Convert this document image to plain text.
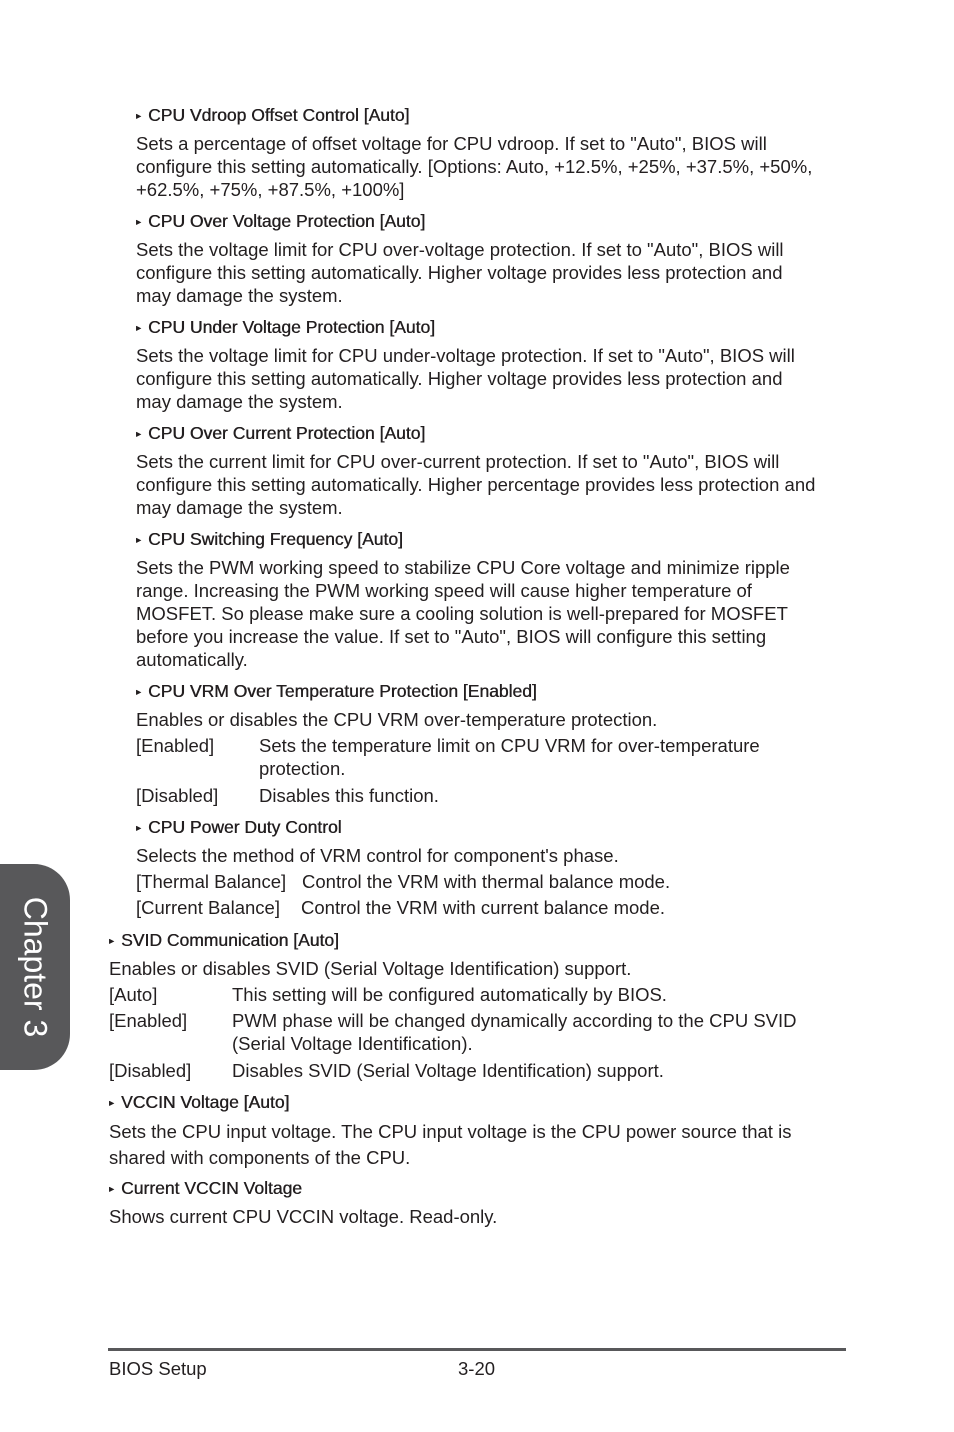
▸ CPU Vdroop Offset Control [Auto]
Sets a percentage of offset voltage for CPU vdroop. If set to "Auto", BIOS will
configure this setting automatically. [Options: Auto, +12.5%, +25%, +37.5%, +50%,
+62.5%, +75%, +87.5%, +100%]
▸ CPU Over Voltage Protection [Auto]
Sets the voltage limit for CPU over-voltage protection. If set to "Auto", BIOS will
configure this setting automatically. Higher voltage provides less protection and
may damage the system.
▸ CPU Under Voltage Protection [Auto]
Sets the voltage limit for CPU under-voltage protection. If set to "Auto", BIOS will
configure this setting automatically. Higher voltage provides less protection and
may damage the system.
▸ CPU Over Current Protection [Auto]
Sets the current limit for CPU over-current protection. If set to "Auto", BIOS will
configure this setting automatically. Higher percentage provides less protection and
may damage the system.
▸ CPU Switching Frequency [Auto]
Sets the PWM working speed to stabilize CPU Core voltage and minimize ripple
range. Increasing the PWM working speed will cause higher temperature of
MOSFET. So please make sure a cooling solution is well-prepared for MOSFET
before you increase the value. If set to "Auto", BIOS will configure this setting
automatically.
▸ CPU VRM Over Temperature Protection [Enabled]
Enables or disables the CPU VRM over-temperature protection.
[Enabled] Sets the temperature limit on CPU VRM for over-temperature
protection.
[Disabled] Disables this function.
▸ CPU Power Duty Control
Selects the method of VRM control for component's phase.
[Thermal Balance] Control the VRM with thermal balance mode.
[Current Balance] Control the VRM with current balance mode.
▸ SVID Communication [Auto]
Enables or disables SVID (Serial Voltage Identification) support.
[Auto]	This setting will be configured automatically by BIOS.
[Enabled] PWM phase will be changed dynamically according to the CPU SVID
(Serial Voltage Identification).
[Disabled] Disables SVID (Serial Voltage Identification) support.
▸ VCCIN Voltage [Auto]
Sets the CPU input voltage. The CPU input voltage is the CPU power source that is
shared with components of the CPU.
▸ Current VCCIN Voltage
Shows current CPU VCCIN voltage. Read-only.
Chapter 3
BIOS Setup	3-20
